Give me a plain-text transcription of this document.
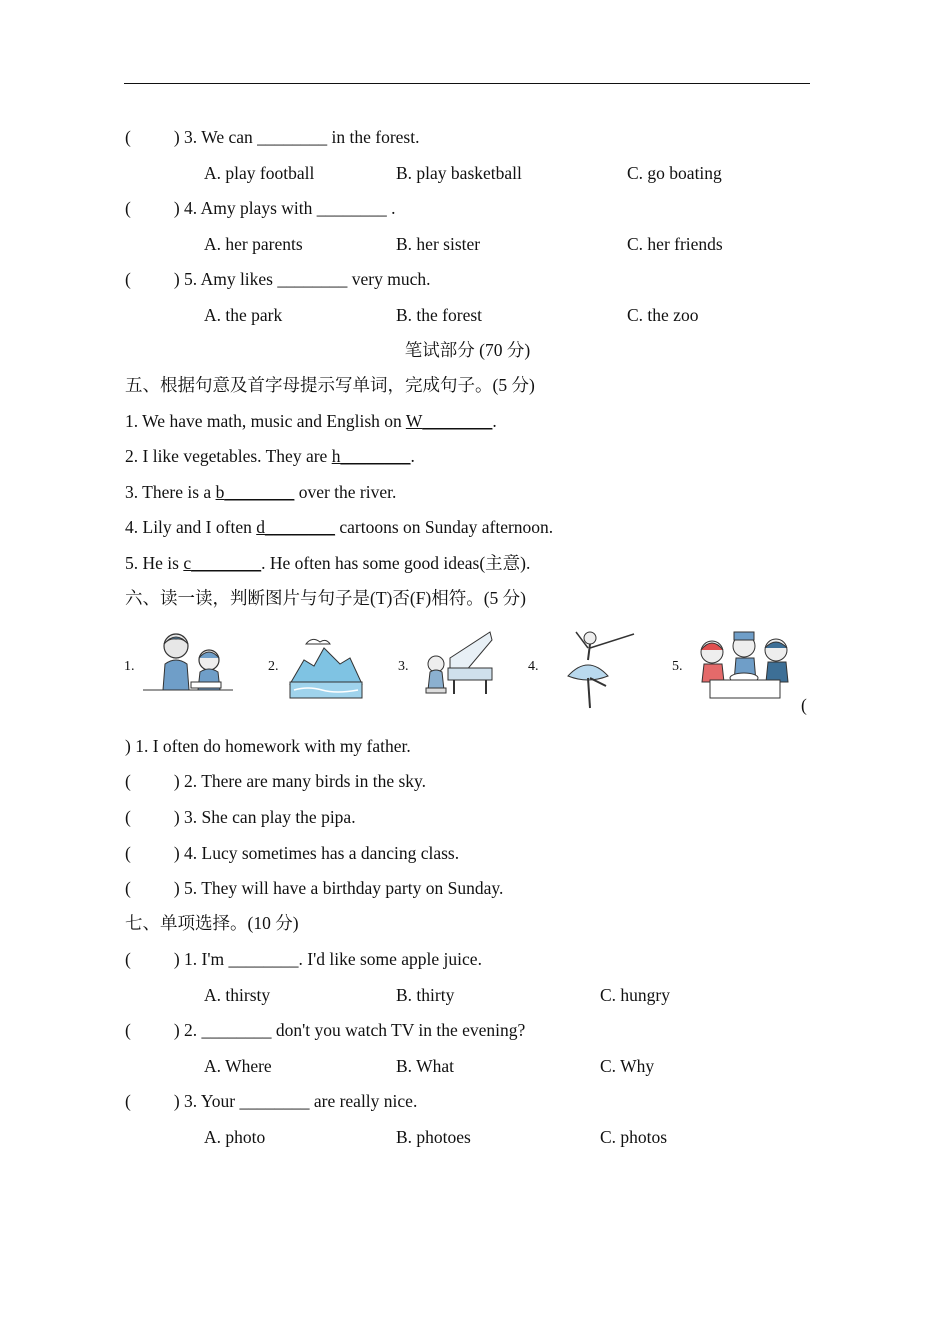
( ) 3. We can ________ in the forest.
A. play football	B. play basketball	C. go boating
( ) 4. Amy plays with ________ .
A. her parents	B. her sister	C. her friends
( ) 5. Amy likes ________ very much.
A. the park	B. the forest	C. the zoo
笔试部分 (70 分)
五、根据句意及首字母提示写单词，完成句子。(5 分)
1. We have math, music and English on W________.
2. I like vegetables. They are h________.
3. There is a b________ over the river.
4. Lily and I often d________ cartoons on Sunday afternoon.
5. He is c________. He often has some good ideas(主意).
六、读一读，判断图片与句子是(T)否(F)相符。(5 分)
1.	2.	3.	4.	5.
(
) 1. I often do homework with my father.
( ) 2. There are many birds in the sky.
( ) 3. She can play the pipa.
( ) 4. Lucy sometimes has a dancing class.
( ) 5. They will have a birthday party on Sunday.
七、单项选择。(10 分)
( ) 1. I'm ________. I'd like some apple juice.
A. thirsty	B. thirty	C. hungry
( ) 2. ________ don't you watch TV in the evening?
A. Where	B. What	C. Why
( ) 3. Your ________ are really nice.
A. photo	B. photoes	C. photos
